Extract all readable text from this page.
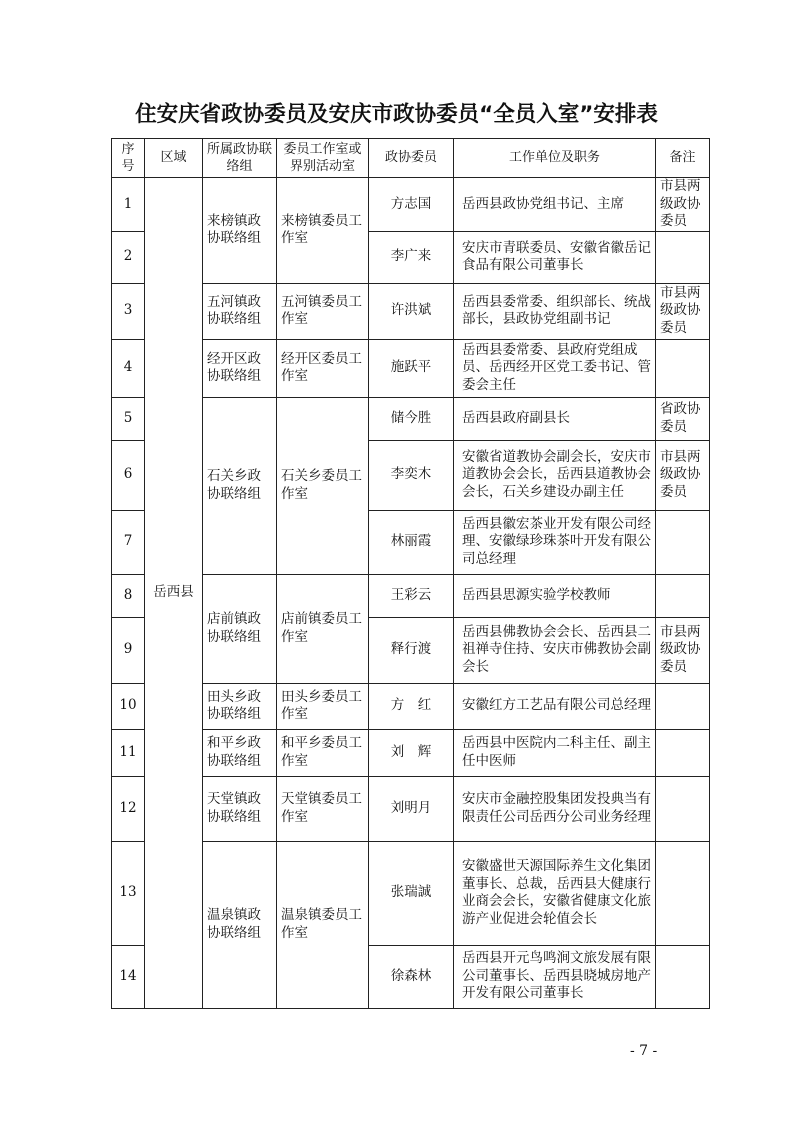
住安庆省政协委员及安庆市政协委员“全员入室”安排表
序号	区域	所属政协联络组	委员工作室或界别活动室	政协委员	工作单位及职务	备注
1	岳西县	来榜镇政协联络组	来榜镇委员工作室	方志国	岳西县政协党组书记、主席	市县两级政协委员
2				李广来	安庆市青联委员、安徽省徽岳记食品有限公司董事长	
3		五河镇政协联络组	五河镇委员工作室	许洪斌	岳西县委常委、组织部长、统战部长，县政协党组副书记	市县两级政协委员
4		经开区政协联络组	经开区委员工作室	施跃平	岳西县委常委、县政府党组成员、岳西经开区党工委书记、管委会主任	
5		石关乡政协联络组	石关乡委员工作室	储今胜	岳西县政府副县长	省政协委员
6				李奕木	安徽省道教协会副会长，安庆市道教协会会长，岳西县道教协会会长，石关乡建设办副主任	市县两级政协委员
7				林丽霞	岳西县徽宏茶业开发有限公司经理、安徽绿珍珠茶叶开发有限公司总经理	
8		店前镇政协联络组	店前镇委员工作室	王彩云	岳西县思源实验学校教师	
9				释行渡	岳西县佛教协会会长、岳西县二祖禅寺住持、安庆市佛教协会副会长	市县两级政协委员
10		田头乡政协联络组	田头乡委员工作室	方　红	安徽红方工艺品有限公司总经理	
11		和平乡政协联络组	和平乡委员工作室	刘　辉	岳西县中医院内二科主任、副主任中医师	
12		天堂镇政协联络组	天堂镇委员工作室	刘明月	安庆市金融控股集团发投典当有限责任公司岳西分公司业务经理	
13		温泉镇政协联络组	温泉镇委员工作室	张瑞誠	安徽盛世天源国际养生文化集团董事长、总裁，岳西县大健康行业商会会长，安徽省健康文化旅游产业促进会轮值会长	
14				徐森林	岳西县开元鸟鸣涧文旅发展有限公司董事长、岳西县晓城房地产开发有限公司董事长	
- 7 -
